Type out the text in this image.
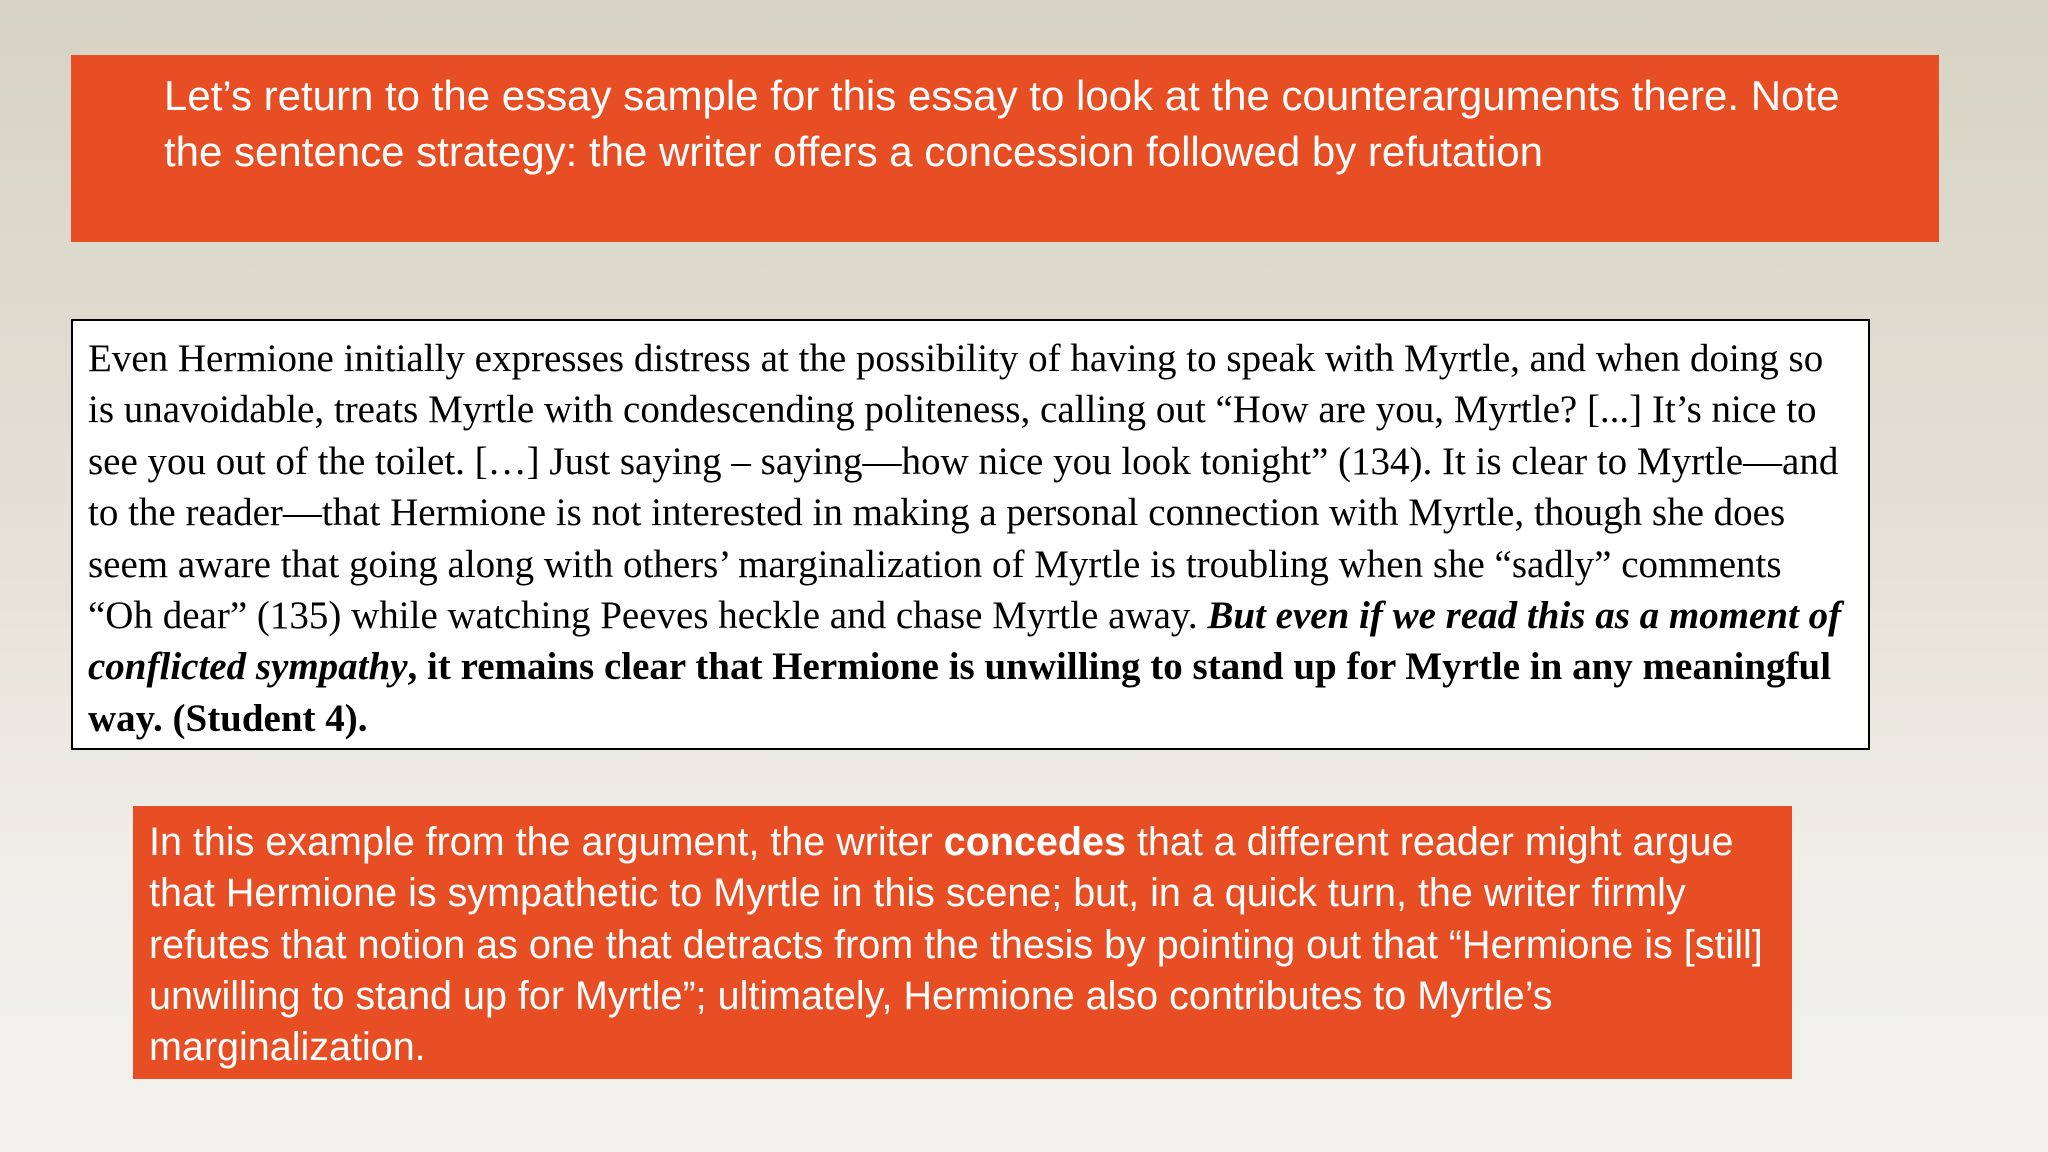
Let’s return to the essay sample for this essay to look at the counterarguments there. Note the sentence strategy: the writer offers a concession followed by refutation
Even Hermione initially expresses distress at the possibility of having to speak with Myrtle, and when doing so is unavoidable, treats Myrtle with condescending politeness, calling out “How are you, Myrtle? [...] It’s nice to see you out of the toilet. […] Just saying – saying—how nice you look tonight” (134). It is clear to Myrtle—and to the reader—that Hermione is not interested in making a personal connection with Myrtle, though she does seem aware that going along with others’ marginalization of Myrtle is troubling when she “sadly” comments “Oh dear” (135) while watching Peeves heckle and chase Myrtle away. But even if we read this as a moment of conflicted sympathy, it remains clear that Hermione is unwilling to stand up for Myrtle in any meaningful way. (Student 4).
In this example from the argument, the writer concedes that a different reader might argue that Hermione is sympathetic to Myrtle in this scene; but, in a quick turn, the writer firmly refutes that notion as one that detracts from the thesis by pointing out that “Hermione is [still] unwilling to stand up for Myrtle”; ultimately, Hermione also contributes to Myrtle’s marginalization.
